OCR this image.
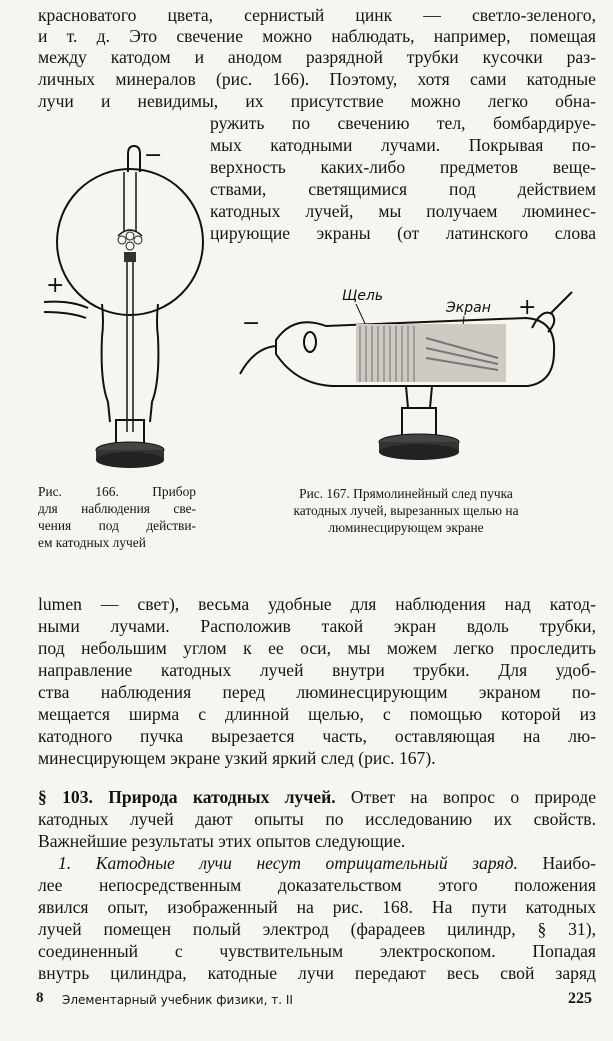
красноватого цвета, сернистый цинк — светло-зеленого,
и т. д. Это свечение можно наблюдать, например, помещая
между катодом и анодом разрядной трубки кусочки раз-
личных минералов (рис. 166). Поэтому, хотя сами катодные
лучи и невидимы, их присутствие можно легко обна-
ружить по свечению тел, бомбардируе-
мых катодными лучами. Покрывая по-
верхность каких-либо предметов веще-
ствами, светящимися под действием
катодных лучей, мы получаем люминес-
цирующие экраны (от латинского слова
−
+	Щель
Экран +
−
Рис. 166. Прибор
для наблюдения све-
чения под действи-
ем катодных лучей
Рис. 167. Прямолинейный след пучка
катодных лучей, вырезанных щелью на
люминесцирующем экране
lumen — свет), весьма удобные для наблюдения над катод-
ными лучами. Расположив такой экран вдоль трубки,
под небольшим углом к ее оси, мы можем легко проследить
направление катодных лучей внутри трубки. Для удоб-
ства наблюдения перед люминесцирующим экраном по-
мещается ширма с длинной щелью, с помощью которой из
катодного пучка вырезается часть, оставляющая на лю-
минесцирующем экране узкий яркий след (рис. 167).
§ 103. Природа катодных лучей. Ответ на вопрос о природе
катодных лучей дают опыты по исследованию их свойств.
Важнейшие результаты этих опытов следующие.
1. Катодные лучи несут отрицательный заряд. Наибо-
лее непосредственным доказательством этого положения
явился опыт, изображенный на рис. 168. На пути катодных
лучей помещен полый электрод (фарадеев цилиндр, § 31),
соединенный с чувствительным электроскопом. Попадая
внутрь цилиндра, катодные лучи передают весь свой заряд
8 Элементарный учебник физики, т. II	225
